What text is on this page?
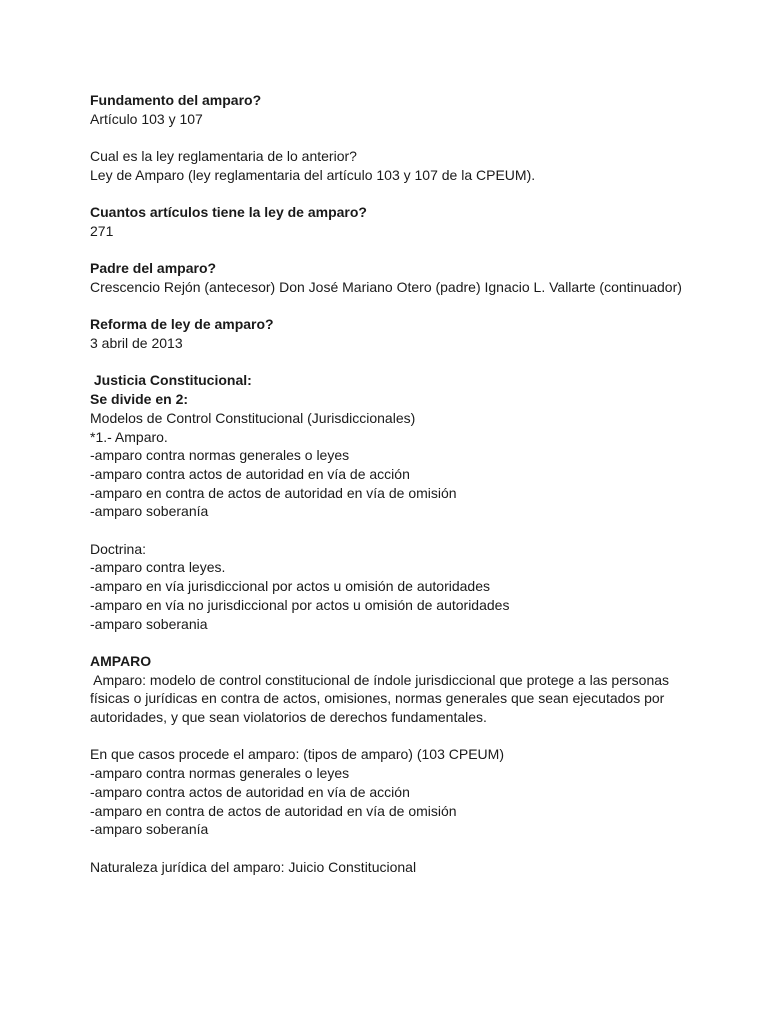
Fundamento del amparo?
Artículo 103 y 107
Cual es la ley reglamentaria de lo anterior?
Ley de Amparo (ley reglamentaria del artículo 103 y 107 de la CPEUM).
Cuantos artículos tiene la ley de amparo?
271
Padre del amparo?
Crescencio Rejón (antecesor) Don José Mariano Otero (padre) Ignacio L. Vallarte (continuador)
Reforma de ley de amparo?
3 abril de 2013
Justicia Constitucional:
Se divide en 2:
Modelos de Control Constitucional (Jurisdiccionales)
*1.- Amparo.
-amparo contra normas generales o leyes
-amparo contra actos de autoridad en vía de acción
-amparo en contra de actos de autoridad en vía de omisión
-amparo soberanía
Doctrina:
-amparo contra leyes.
-amparo en vía jurisdiccional por actos u omisión de autoridades
-amparo en vía no jurisdiccional por actos u omisión de autoridades
-amparo soberania
AMPARO
Amparo: modelo de control constitucional de índole jurisdiccional que protege a las personas
físicas o jurídicas en contra de actos, omisiones, normas generales que sean ejecutados por
autoridades, y que sean violatorios de derechos fundamentales.
En que casos procede el amparo: (tipos de amparo) (103 CPEUM)
-amparo contra normas generales o leyes
-amparo contra actos de autoridad en vía de acción
-amparo en contra de actos de autoridad en vía de omisión
-amparo soberanía
Naturaleza jurídica del amparo: Juicio Constitucional
